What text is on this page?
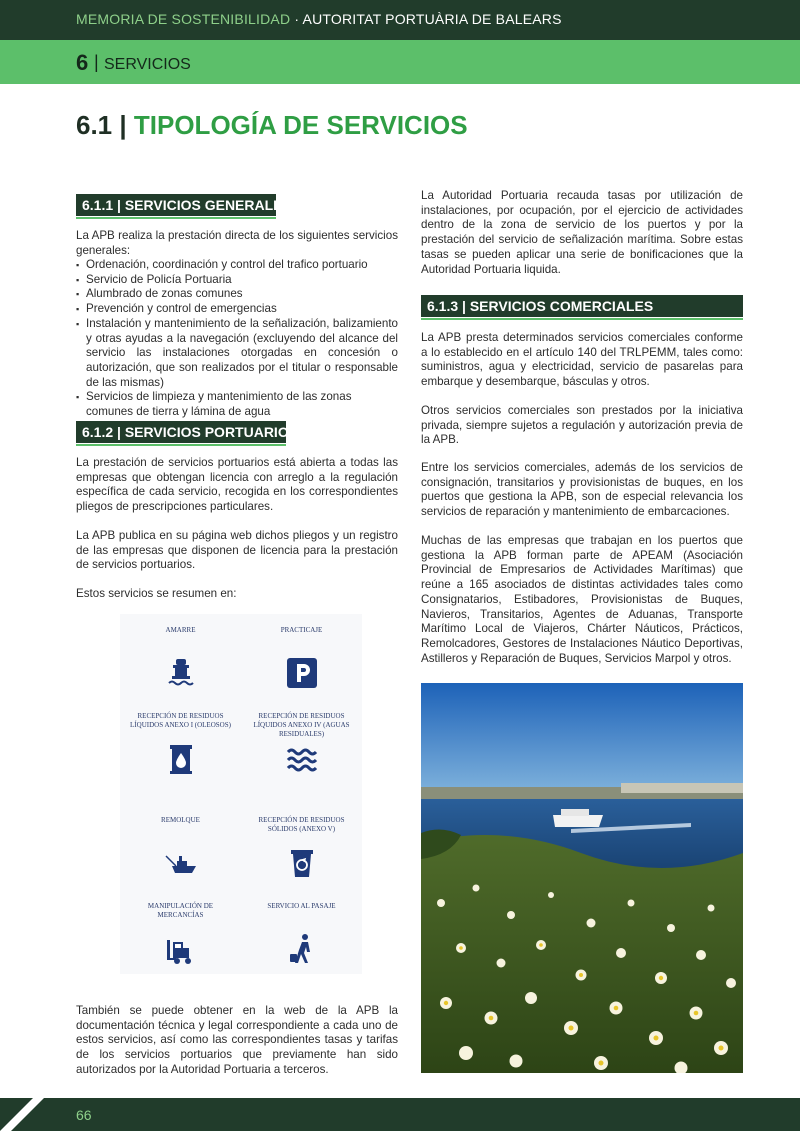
MEMORIA DE SOSTENIBILIDAD · AUTORITAT PORTUÀRIA DE BALEARS
6 | SERVICIOS
6.1 | TIPOLOGÍA DE SERVICIOS
6.1.1 | SERVICIOS GENERALES
La APB realiza la prestación directa de los siguientes servicios generales:
▪ Ordenación, coordinación y control del trafico portuario
▪ Servicio de Policía Portuaria
▪ Alumbrado de zonas comunes
▪ Prevención y control de emergencias
▪ Instalación y mantenimiento de la señalización, balizamiento y otras ayudas a la navegación (excluyendo del alcance del servicio las instalaciones otorgadas en concesión o autorización, que son realizados por el titular o responsable de las mismas)
▪ Servicios de limpieza y mantenimiento de las zonas comunes de tierra y lámina de agua
6.1.2 | SERVICIOS PORTUARIOS
La prestación de servicios portuarios está abierta a todas las empresas que obtengan licencia con arreglo a la regulación específica de cada servicio, recogida en los correspondientes pliegos de prescripciones particulares.
La APB publica en su página web dichos pliegos y un registro de las empresas que disponen de licencia para la prestación de servicios portuarios.
Estos servicios se resumen en:
AMARRE	PRACTICAJE
RECEPCIÓN DE RESIDUOS LÍQUIDOS ANEXO I (OLEOSOS)
RECEPCIÓN DE RESIDUOS LÍQUIDOS ANEXO IV (AGUAS RESIDUALES)
REMOLQUE	RECEPCIÓN DE RESIDUOS SÓLIDOS (ANEXO V)
MANIPULACIÓN DE MERCANCÍAS
SERVICIO AL PASAJE
También se puede obtener en la web de la APB la documentación técnica y legal correspondiente a cada uno de estos servicios, así como las correspondientes tasas y tarifas de los servicios portuarios que previamente han sido autorizados por la Autoridad Portuaria a terceros.
La Autoridad Portuaria recauda tasas por utilización de instalaciones, por ocupación, por el ejercicio de actividades dentro de la zona de servicio de los puertos y por la prestación del servicio de señalización marítima. Sobre estas tasas se pueden aplicar una serie de bonificaciones que la Autoridad Portuaria liquida.
6.1.3 | SERVICIOS COMERCIALES
La APB presta determinados servicios comerciales conforme a lo establecido en el artículo 140 del TRLPEMM, tales como: suministros, agua y electricidad, servicio de pasarelas para embarque y desembarque, básculas y otros.
Otros servicios comerciales son prestados por la iniciativa privada, siempre sujetos a regulación y autorización previa de la APB.
Entre los servicios comerciales, además de los servicios de consignación, transitarios y provisionistas de buques, en los puertos que gestiona la APB, son de especial relevancia los servicios de reparación y mantenimiento de embarcaciones.
Muchas de las empresas que trabajan en los puertos que gestiona la APB forman parte de APEAM (Asociación Provincial de Empresarios de Actividades Marítimas) que reúne a 165 asociados de distintas actividades tales como Consignatarios, Estibadores, Provisionistas de Buques, Navieros, Transitarios, Agentes de Aduanas, Transporte Marítimo Local de Viajeros, Chárter Náuticos, Prácticos, Remolcadores, Gestores de Instalaciones Náutico Deportivas, Astilleros y Reparación de Buques, Servicios Marpol y otros.
66
